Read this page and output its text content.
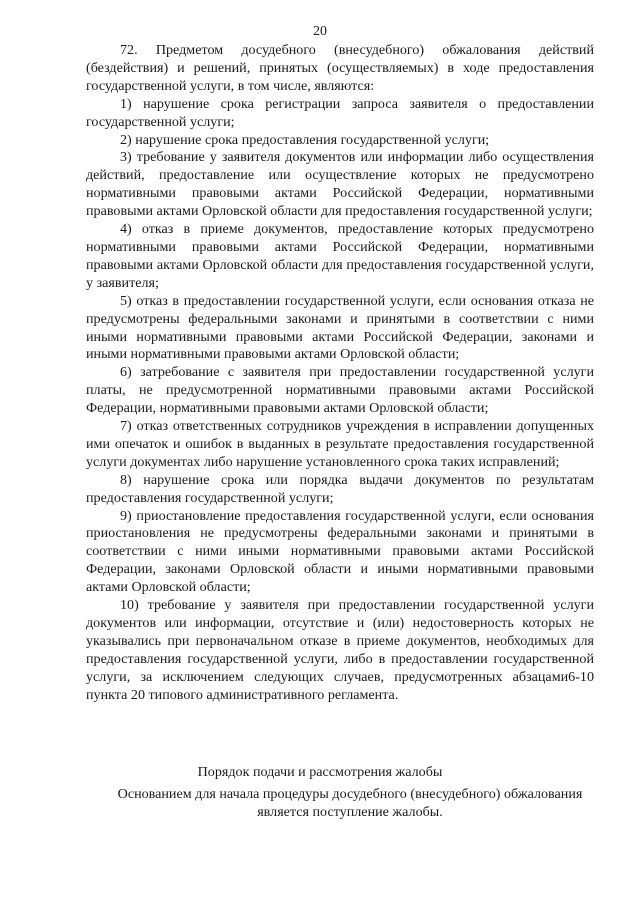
20

72. Предметом досудебного (внесудебного) обжалования действий (бездействия) и решений, принятых (осуществляемых) в ходе предоставления государственной услуги, в том числе, являются:

1) нарушение срока регистрации запроса заявителя о предоставлении государственной услуги;

2) нарушение срока предоставления государственной услуги;

3) требование у заявителя документов или информации либо осуществления действий, предоставление или осуществление которых не предусмотрено нормативными правовыми актами Российской Федерации, нормативными правовыми актами Орловской области для предоставления государственной услуги;

4) отказ в приеме документов, предоставление которых предусмотрено нормативными правовыми актами Российской Федерации, нормативными правовыми актами Орловской области для предоставления государственной услуги, у заявителя;

5) отказ в предоставлении государственной услуги, если основания отказа не предусмотрены федеральными законами и принятыми в соответствии с ними иными нормативными правовыми актами Российской Федерации, законами и иными нормативными правовыми актами Орловской области;

6) затребование с заявителя при предоставлении государственной услуги платы, не предусмотренной нормативными правовыми актами Российской Федерации, нормативными правовыми актами Орловской области;

7) отказ ответственных сотрудников учреждения в исправлении допущенных ими опечаток и ошибок в выданных в результате предоставления государственной услуги документах либо нарушение установленного срока таких исправлений;

8) нарушение срока или порядка выдачи документов по результатам предоставления государственной услуги;

9) приостановление предоставления государственной услуги, если основания приостановления не предусмотрены федеральными законами и принятыми в соответствии с ними иными нормативными правовыми актами Российской Федерации, законами Орловской области и иными нормативными правовыми актами Орловской области;

10) требование у заявителя при предоставлении государственной услуги документов или информации, отсутствие и (или) недостоверность которых не указывались при первоначальном отказе в приеме документов, необходимых для предоставления государственной услуги, либо в предоставлении государственной услуги, за исключением следующих случаев, предусмотренных абзацами6-10 пункта 20 типового административного регламента.

Порядок подачи и рассмотрения жалобы
Основанием для начала процедуры досудебного (внесудебного) обжалования является поступление жалобы.
